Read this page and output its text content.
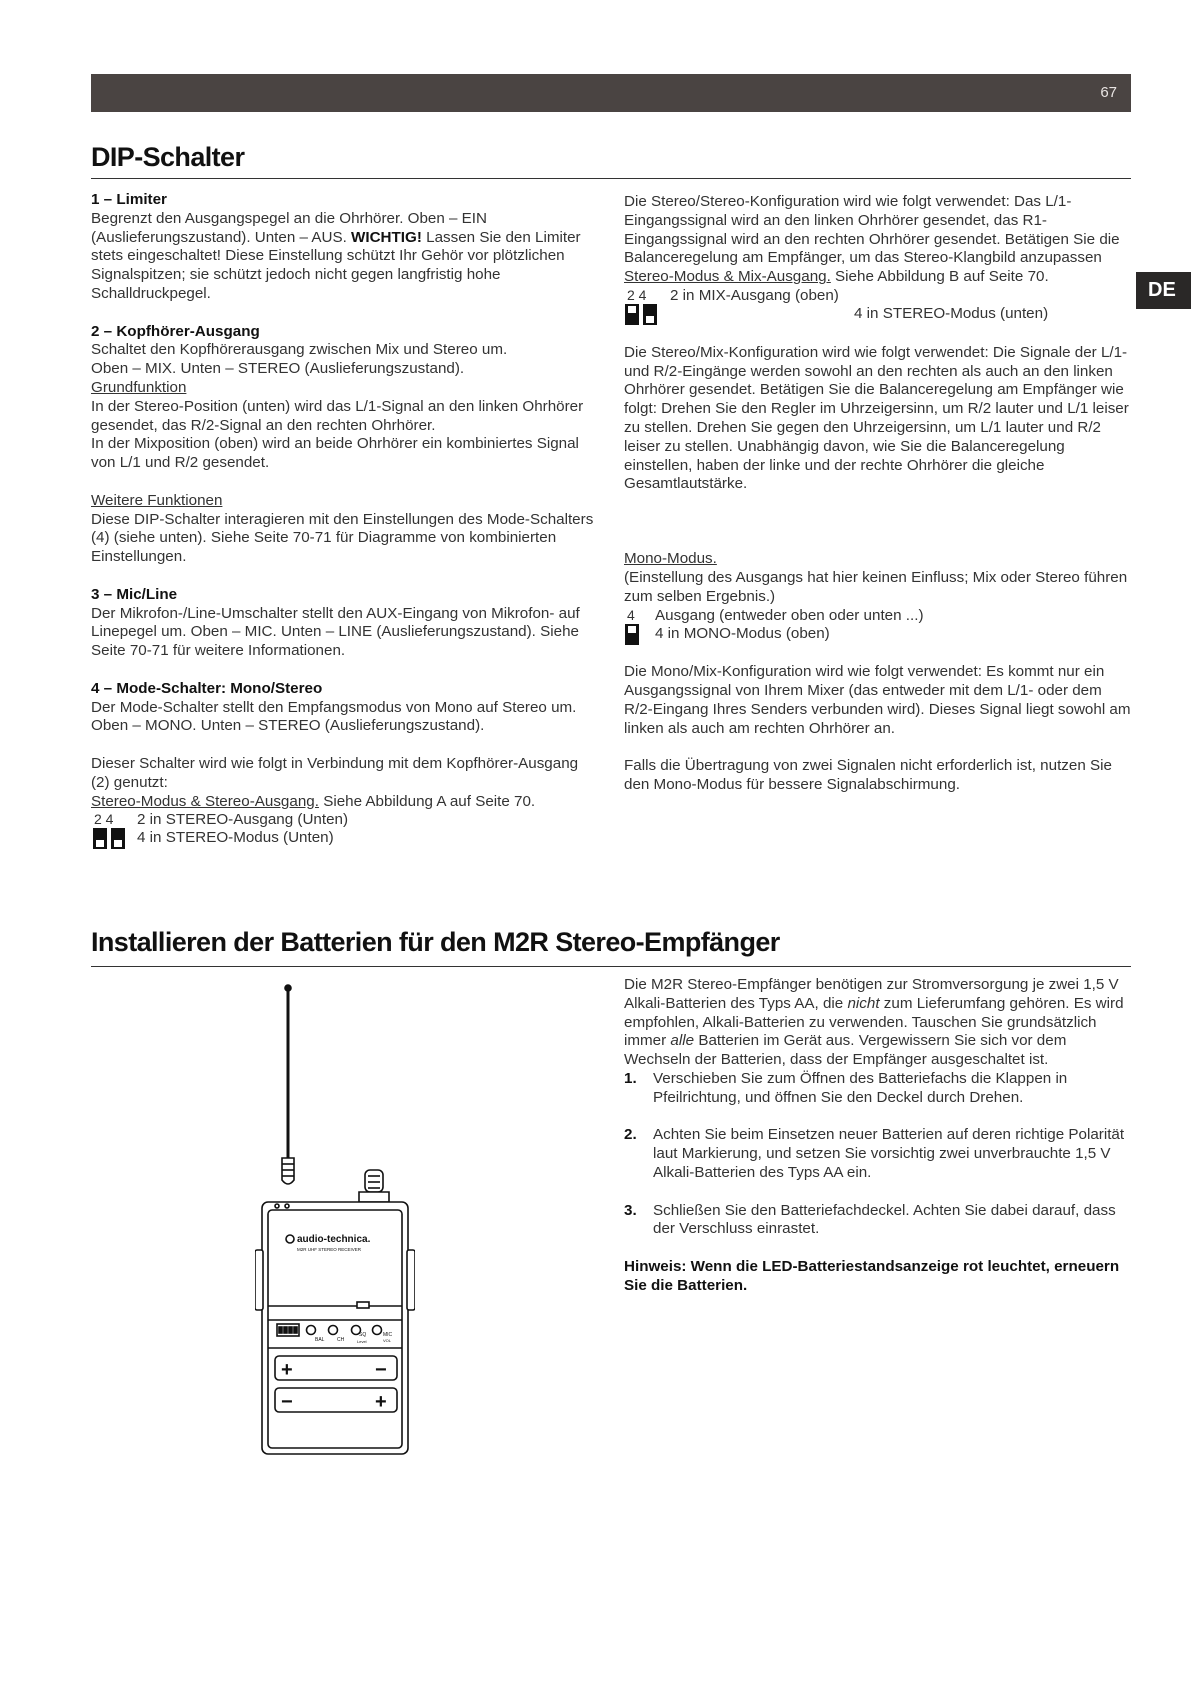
67
DE
DIP-Schalter

1 – Limiter
Begrenzt den Ausgangspegel an die Ohrhörer. Oben – EIN (Auslieferungszustand). Unten – AUS. WICHTIG! Lassen Sie den Limiter stets eingeschaltet! Diese Einstellung schützt Ihr Gehör vor plötzlichen Signalspitzen; sie schützt jedoch nicht gegen langfristig hohe Schalldruckpegel.

2 – Kopfhörer-Ausgang
Schaltet den Kopfhörerausgang zwischen Mix und Stereo um.
Oben – MIX. Unten – STEREO (Auslieferungszustand).
Grundfunktion
In der Stereo-Position (unten) wird das L/1-Signal an den linken Ohrhörer gesendet, das R/2-Signal an den rechten Ohrhörer.
In der Mixposition (oben) wird an beide Ohrhörer ein kombiniertes Signal von L/1 und R/2 gesendet.

Weitere Funktionen
Diese DIP-Schalter interagieren mit den Einstellungen des Mode-Schalters (4) (siehe unten). Siehe Seite 70-71 für Diagramme von kombinierten Einstellungen.

3 – Mic/Line
Der Mikrofon-/Line-Umschalter stellt den AUX-Eingang von Mikrofon- auf Linepegel um. Oben – MIC. Unten – LINE (Auslieferungszustand). Siehe Seite 70-71 für weitere Informationen.

4 – Mode-Schalter: Mono/Stereo
Der Mode-Schalter stellt den Empfangsmodus von Mono auf Stereo um. Oben – MONO. Unten – STEREO (Auslieferungszustand).

Dieser Schalter wird wie folgt in Verbindung mit dem Kopfhörer-Ausgang (2) genutzt:
Stereo-Modus & Stereo-Ausgang. Siehe Abbildung A auf Seite 70.

2 4 2 in STEREO-Ausgang (Unten)
4 in STEREO-Modus (Unten)

Die Stereo/Stereo-Konfiguration wird wie folgt verwendet: Das L/1-Eingangssignal wird an den linken Ohrhörer gesendet, das R1-Eingangssignal wird an den rechten Ohrhörer gesendet. Betätigen Sie die Balanceregelung am Empfänger, um das Stereo-Klangbild anzupassen
Stereo-Modus & Mix-Ausgang. Siehe Abbildung B auf Seite 70.

2 4 2 in MIX-Ausgang (oben)
4 in STEREO-Modus (unten)

Die Stereo/Mix-Konfiguration wird wie folgt verwendet: Die Signale der L/1- und R/2-Eingänge werden sowohl an den rechten als auch an den linken Ohrhörer gesendet. Betätigen Sie die Balanceregelung am Empfänger wie folgt: Drehen Sie den Regler im Uhrzeigersinn, um R/2 lauter und L/1 leiser zu stellen. Drehen Sie gegen den Uhrzeigersinn, um L/1 lauter und R/2 leiser zu stellen. Unabhängig davon, wie Sie die Balanceregelung einstellen, haben der linke und der rechte Ohrhörer die gleiche Gesamtlautstärke.

Mono-Modus.
(Einstellung des Ausgangs hat hier keinen Einfluss; Mix oder Stereo führen zum selben Ergebnis.)

4 Ausgang (entweder oben oder unten ...)
4 in MONO-Modus (oben)

Die Mono/Mix-Konfiguration wird wie folgt verwendet: Es kommt nur ein Ausgangssignal von Ihrem Mixer (das entweder mit dem L/1- oder dem R/2-Eingang Ihres Senders verbunden wird). Dieses Signal liegt sowohl am linken als auch am rechten Ohrhörer an.

Falls die Übertragung von zwei Signalen nicht erforderlich ist, nutzen Sie den Mono-Modus für bessere Signalabschirmung.

Installieren der Batterien für den M2R Stereo-Empfänger

Die M2R Stereo-Empfänger benötigen zur Stromversorgung je zwei 1,5 V Alkali-Batterien des Typs AA, die nicht zum Lieferumfang gehören. Es wird empfohlen, Alkali-Batterien zu verwenden. Tauschen Sie grundsätzlich immer alle Batterien im Gerät aus. Vergewissern Sie sich vor dem Wechseln der Batterien, dass der Empfänger ausgeschaltet ist.

1. Verschieben Sie zum Öffnen des Batteriefachs die Klappen in Pfeilrichtung, und öffnen Sie den Deckel durch Drehen.
2. Achten Sie beim Einsetzen neuer Batterien auf deren richtige Polarität laut Markierung, und setzen Sie vorsichtig zwei unverbrauchte 1,5 V Alkali-Batterien des Typs AA ein.
3. Schließen Sie den Batteriefachdeckel. Achten Sie dabei darauf, dass der Verschluss einrastet.

Hinweis: Wenn die LED-Batteriestandsanzeige rot leuchtet, erneuern Sie die Batterien.

audio-technica.
M2R UHF STEREO RECEIVER
BAL	CH
SQ
Level
MIC
VOL
+	−
−	+
